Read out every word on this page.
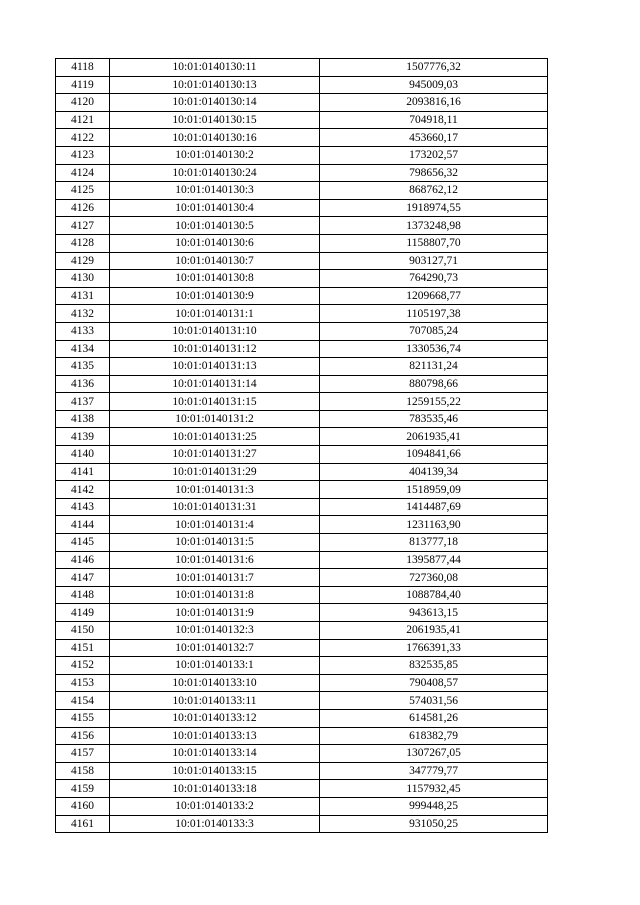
4118	10:01:0140130:11	1507776,32
4119	10:01:0140130:13	945009,03
4120	10:01:0140130:14	2093816,16
4121	10:01:0140130:15	704918,11
4122	10:01:0140130:16	453660,17
4123	10:01:0140130:2	173202,57
4124	10:01:0140130:24	798656,32
4125	10:01:0140130:3	868762,12
4126	10:01:0140130:4	1918974,55
4127	10:01:0140130:5	1373248,98
4128	10:01:0140130:6	1158807,70
4129	10:01:0140130:7	903127,71
4130	10:01:0140130:8	764290,73
4131	10:01:0140130:9	1209668,77
4132	10:01:0140131:1	1105197,38
4133	10:01:0140131:10	707085,24
4134	10:01:0140131:12	1330536,74
4135	10:01:0140131:13	821131,24
4136	10:01:0140131:14	880798,66
4137	10:01:0140131:15	1259155,22
4138	10:01:0140131:2	783535,46
4139	10:01:0140131:25	2061935,41
4140	10:01:0140131:27	1094841,66
4141	10:01:0140131:29	404139,34
4142	10:01:0140131:3	1518959,09
4143	10:01:0140131:31	1414487,69
4144	10:01:0140131:4	1231163,90
4145	10:01:0140131:5	813777,18
4146	10:01:0140131:6	1395877,44
4147	10:01:0140131:7	727360,08
4148	10:01:0140131:8	1088784,40
4149	10:01:0140131:9	943613,15
4150	10:01:0140132:3	2061935,41
4151	10:01:0140132:7	1766391,33
4152	10:01:0140133:1	832535,85
4153	10:01:0140133:10	790408,57
4154	10:01:0140133:11	574031,56
4155	10:01:0140133:12	614581,26
4156	10:01:0140133:13	618382,79
4157	10:01:0140133:14	1307267,05
4158	10:01:0140133:15	347779,77
4159	10:01:0140133:18	1157932,45
4160	10:01:0140133:2	999448,25
4161	10:01:0140133:3	931050,25
